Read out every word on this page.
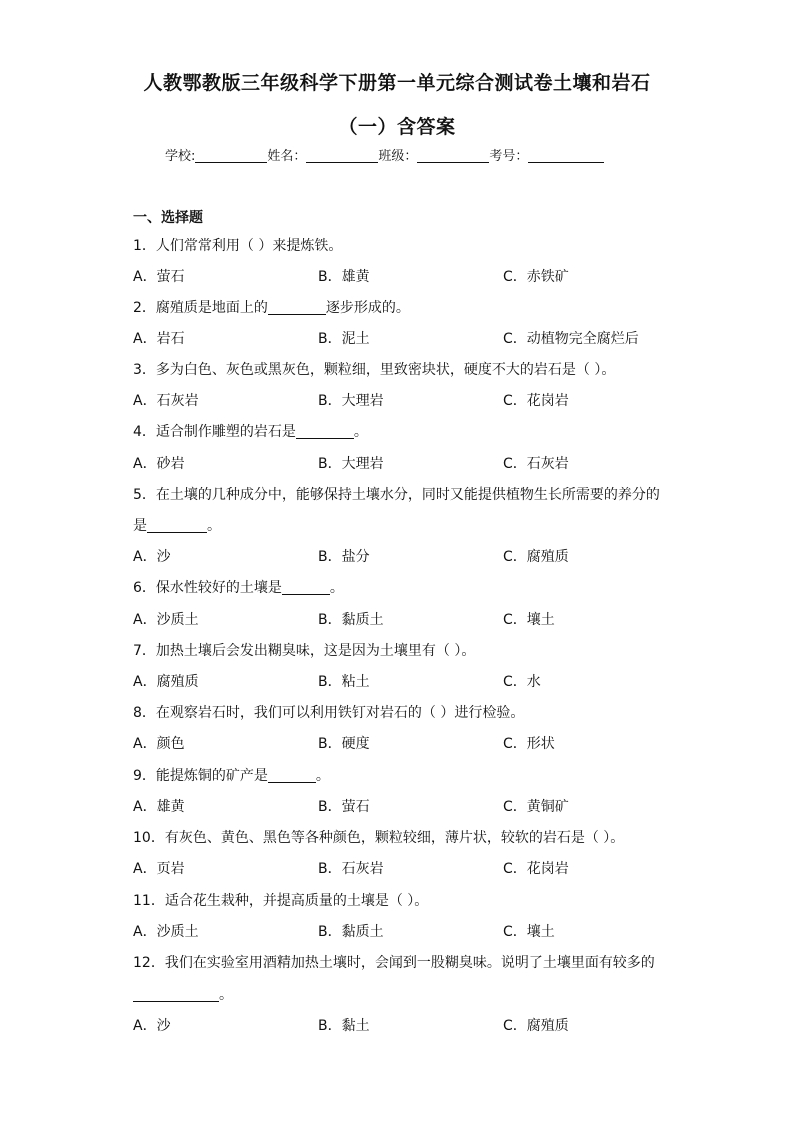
人教鄂教版三年级科学下册第一单元综合测试卷土壤和岩石
（一）含答案
学校:	姓名：	班级：	考号：
一、选择题
1．人们常常利用（ ）来提炼铁。
A．萤石	B．雄黄	C．赤铁矿
2．腐殖质是地面上的	逐步形成的。
A．岩石	B．泥土	C．动植物完全腐烂后
3．多为白色、灰色或黑灰色，颗粒细，里致密块状，硬度不大的岩石是（ ）。
A．石灰岩	B．大理岩	C．花岗岩
4．适合制作雕塑的岩石是	。
A．砂岩	B．大理岩	C．石灰岩
5．在土壤的几种成分中，能够保持土壤水分，同时又能提供植物生长所需要的养分的
是	。
A．沙	B．盐分	C．腐殖质
6．保水性较好的土壤是	。
A．沙质土	B．黏质土	C．壤土
7．加热土壤后会发出糊臭味，这是因为土壤里有（ ）。
A．腐殖质	B．粘土	C．水
8．在观察岩石时，我们可以利用铁钉对岩石的（ ）进行检验。
A．颜色	B．硬度	C．形状
9．能提炼铜的矿产是	。
A．雄黄	B．萤石	C．黄铜矿
10．有灰色、黄色、黑色等各种颜色，颗粒较细，薄片状，较软的岩石是（ ）。
A．页岩	B．石灰岩	C．花岗岩
11．适合花生栽种，并提高质量的土壤是（ ）。
A．沙质土	B．黏质土	C．壤土
12．我们在实验室用酒精加热土壤时，会闻到一股糊臭味。说明了土壤里面有较多的
。
A．沙	B．黏土	C．腐殖质
